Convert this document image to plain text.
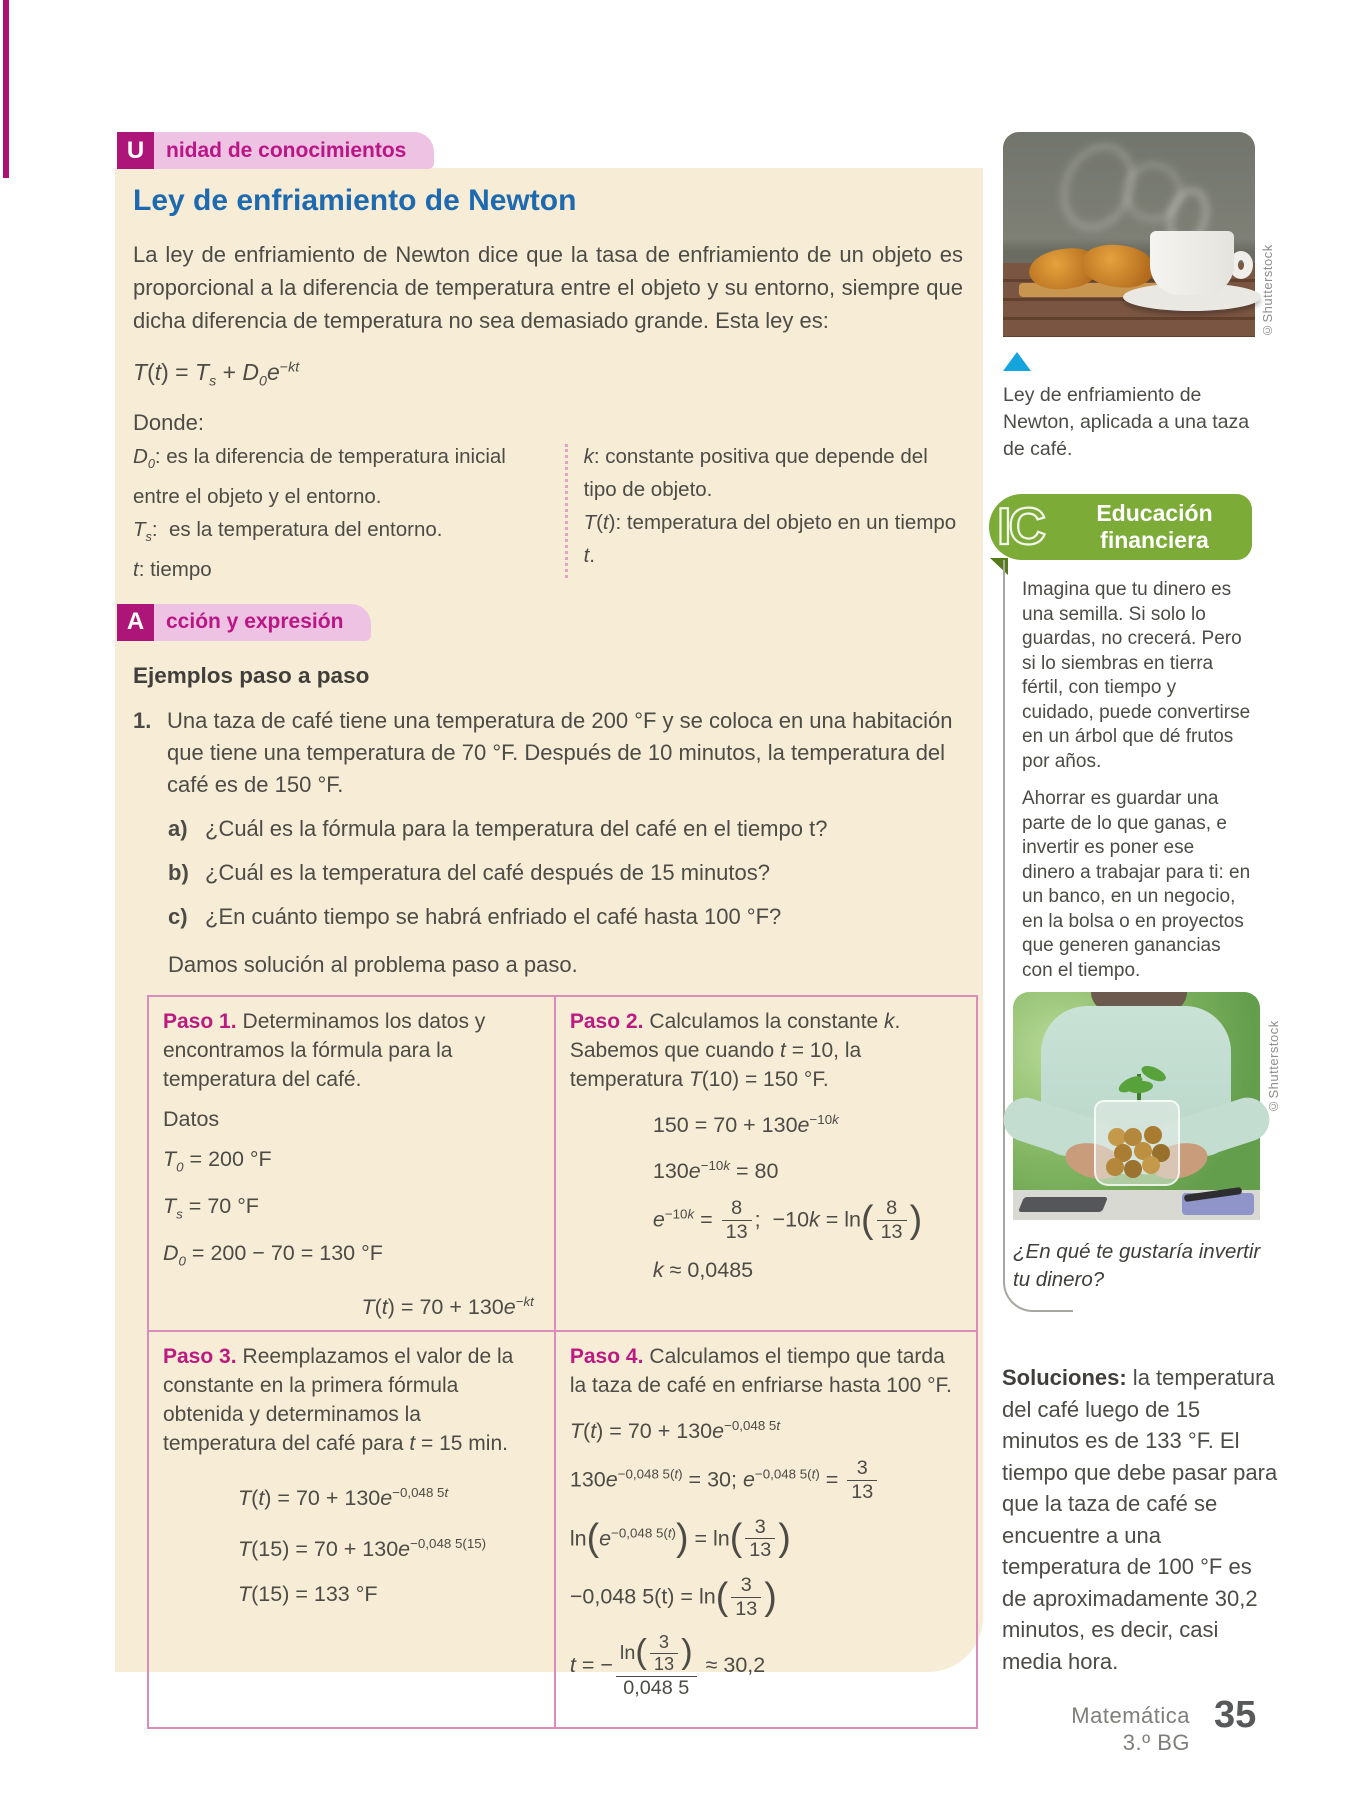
U	nidad de conocimientos
Ley de enfriamiento de Newton

La ley de enfriamiento de Newton dice que la tasa de enfriamiento de un objeto es proporcional a la diferencia de temperatura entre el objeto y su entorno, siempre que dicha diferencia de temperatura no sea demasiado grande. Esta ley es:

$T(t) = T_s + D_0e^{-kt}$
Donde:
$D_0$: es la diferencia de temperatura inicial entre el objeto y el entorno.
$T_s$:  es la temperatura del entorno.
t: tiempo
k: constante positiva que depende del tipo de objeto.
T(t): temperatura del objeto en un tiempo t.
A	cción y expresión
Ejemplos paso a paso
1. Una taza de café tiene una temperatura de 200 °F y se coloca en una habitación que tiene una temperatura de 70 °F. Después de 10 minutos, la temperatura del café es de 150 °F.
a) ¿Cuál es la fórmula para la temperatura del café en el tiempo t?
b) ¿Cuál es la temperatura del café después de 15 minutos?
c) ¿En cuánto tiempo se habrá enfriado el café hasta 100 °F?
Damos solución al problema paso a paso.

Paso 1. Determinamos los datos y encontramos la fórmula para la temperatura del café.

Datos
$T_0 = 200$ °F
$T_s = 70$ °F
$D_0 = 200 - 70 = 130$ °F
$T(t) = 70 + 130e^{-kt}$

Paso 2. Calculamos la constante k. Sabemos que cuando t = 10, la temperatura T(10) = 150 °F.

$150 = 70 + 130e^{-10k}$
$130e^{-10k} = 80$
$e^{-10k} = \frac{8}{13}$ ;  $-10k = \ln( \frac{8}{13}$ )
k ≈ 0,0485

Paso 3. Reemplazamos el valor de la constante en la primera fórmula obtenida y determinamos la temperatura del café para t = 15 min.

$T(t) = 70 + 130e^{-0,048 5t}$
$T(15) = 70 + 130e^{-0,048 5(15)}$
T(15) = 133 °F

Paso 4. Calculamos el tiempo que tarda la taza de café en enfriarse hasta 100 °F.

$T(t) = 70 + 130e^{-0,048 5t}$
$130e^{-0,048 5(t)} = 30$; $e^{-0,048 5(t)} = \frac{3}{13}$
$\ln(e^{-0,048 5(t)}) = \ln( \frac{3}{13}$ )
−0,048 $5(t) = \ln( \frac{3}{13}$ )
t = − $\frac{\ln( \frac{3}{13} )}{0,048 5} \approx 30,2$
©Shutterstock
Ley de enfriamiento de Newton, aplicada a una taza de café.
IC Educación
financiera

Imagina que tu dinero es una semilla. Si solo lo guardas, no crecerá. Pero si lo siembras en tierra fértil, con tiempo y cuidado, puede convertirse en un árbol que dé frutos por años.

Ahorrar es guardar una parte de lo que ganas, e invertir es poner ese dinero a trabajar para ti: en un banco, en un negocio, en la bolsa o en proyectos que generen ganancias con el tiempo.

©Shutterstock
¿En qué te gustaría invertir tu dinero?
Soluciones: la temperatura del café luego de 15 minutos es de 133 °F. El tiempo que debe pasar para que la taza de café se encuentre a una temperatura de 100 °F es de aproximadamente 30,2 minutos, es decir, casi media hora.
Matemática
3.º BG
35
